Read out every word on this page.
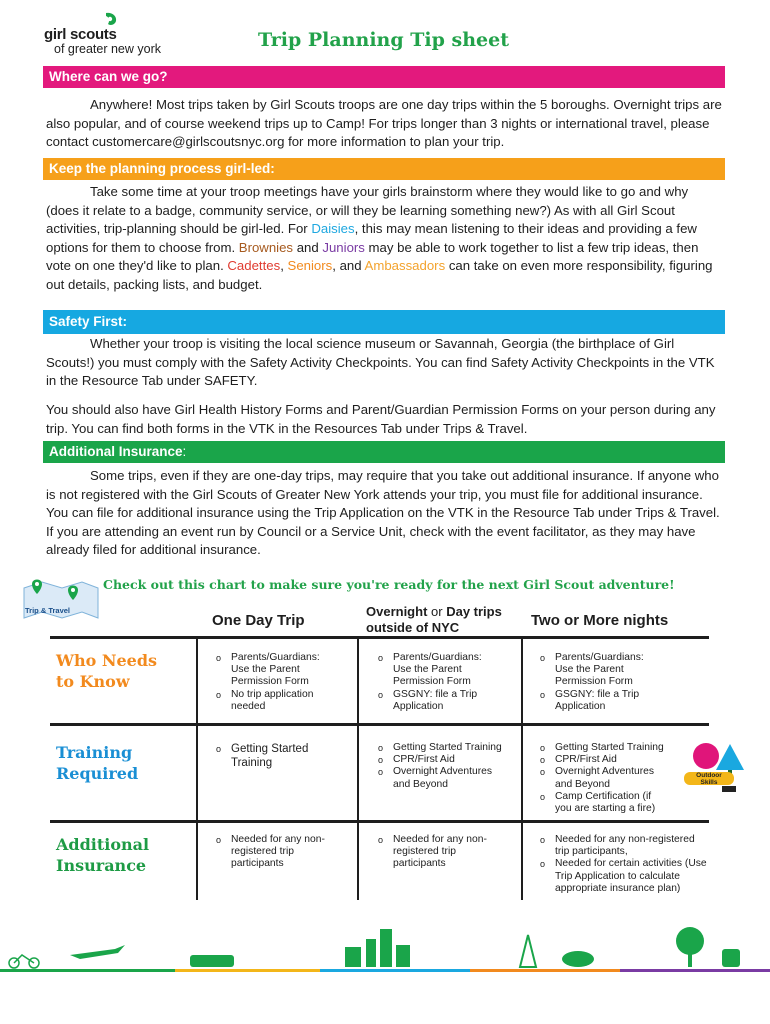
girl scouts
of greater new york	Trip Planning Tip sheet
Where can we go?

Anywhere! Most trips taken by Girl Scouts troops are one day trips within the 5 boroughs. Overnight trips are also popular, and of course weekend trips up to Camp! For trips longer than 3 nights or international travel, please contact customercare@girlscoutsnyc.org for more information to plan your trip.

Keep the planning process girl-led:

Take some time at your troop meetings have your girls brainstorm where they would like to go and why (does it relate to a badge, community service, or will they be learning something new?) As with all Girl Scout activities, trip-planning should be girl-led. For Daisies, this may mean listening to their ideas and providing a few options for them to choose from. Brownies and Juniors may be able to work together to list a few trip ideas, then vote on one they'd like to plan. Cadettes, Seniors, and Ambassadors can take on even more responsibility, figuring out details, packing lists, and budget.

Safety First:

Whether your troop is visiting the local science museum or Savannah, Georgia (the birthplace of Girl Scouts!) you must comply with the Safety Activity Checkpoints. You can find Safety Activity Checkpoints in the VTK in the Resource Tab under SAFETY.

You should also have Girl Health History Forms and Parent/Guardian Permission Forms on your person during any trip. You can find both forms in the VTK in the Resources Tab under Trips & Travel.

Additional Insurance:

Some trips, even if they are one-day trips, may require that you take out additional insurance. If anyone who is not registered with the Girl Scouts of Greater New York attends your trip, you must file for additional insurance. You can file for additional insurance using the Trip Application on the VTK in the Resource Tab under Trips & Travel. If you are attending an event run by Council or a Service Unit, check with the event facilitator, as they may have already filed for additional insurance.

Trip & Travel
Check out this chart to make sure you're ready for the next Girl Scout adventure!
One Day Trip
Overnight or Day trips
outside of NYC	Two or More nights
Who Needs
to Know
o Parents/Guardians: Use the Parent Permission Form
o No trip application needed
o Parents/Guardians: Use the Parent Permission Form
o GSGNY: file a Trip Application
o Parents/Guardians: Use the Parent Permission Form
o GSGNY: file a Trip Application
Training
Required
o Getting Started Training
o Getting Started Training
o CPR/First Aid
o Overnight Adventures and Beyond
o Getting Started Training
o CPR/First Aid
o Overnight Adventures and Beyond
o Camp Certification (if you are starting a fire)
Outdoor Skills
Additional
Insurance
o Needed for any non-registered trip participants
o Needed for any non-registered trip participants
o Needed for any non-registered trip participants,
o Needed for certain activities (Use Trip Application to calculate appropriate insurance plan)
